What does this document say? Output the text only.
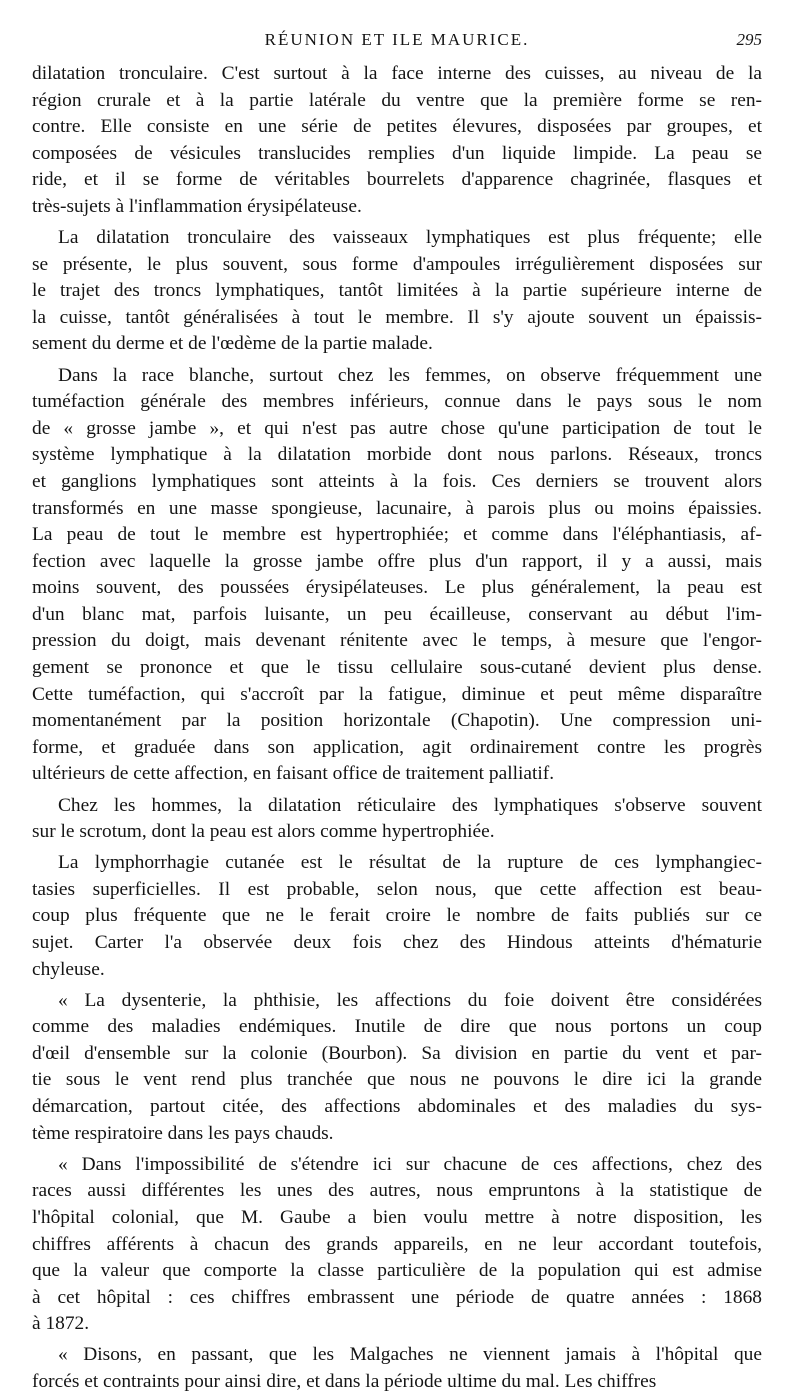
RÉUNION ET ILE MAURICE.	295
dilatation tronculaire. C'est surtout à la face interne des cuisses, au niveau de la
région crurale et à la partie latérale du ventre que la première forme se ren-
contre. Elle consiste en une série de petites élevures, disposées par groupes, et
composées de vésicules translucides remplies d'un liquide limpide. La peau se
ride, et il se forme de véritables bourrelets d'apparence chagrinée, flasques et
très-sujets à l'inflammation érysipélateuse.
La dilatation tronculaire des vaisseaux lymphatiques est plus fréquente; elle
se présente, le plus souvent, sous forme d'ampoules irrégulièrement disposées sur
le trajet des troncs lymphatiques, tantôt limitées à la partie supérieure interne de
la cuisse, tantôt généralisées à tout le membre. Il s'y ajoute souvent un épaissis-
sement du derme et de l'œdème de la partie malade.
Dans la race blanche, surtout chez les femmes, on observe fréquemment une
tuméfaction générale des membres inférieurs, connue dans le pays sous le nom
de « grosse jambe », et qui n'est pas autre chose qu'une participation de tout le
système lymphatique à la dilatation morbide dont nous parlons. Réseaux, troncs
et ganglions lymphatiques sont atteints à la fois. Ces derniers se trouvent alors
transformés en une masse spongieuse, lacunaire, à parois plus ou moins épaissies.
La peau de tout le membre est hypertrophiée; et comme dans l'éléphantiasis, af-
fection avec laquelle la grosse jambe offre plus d'un rapport, il y a aussi, mais
moins souvent, des poussées érysipélateuses. Le plus généralement, la peau est
d'un blanc mat, parfois luisante, un peu écailleuse, conservant au début l'im-
pression du doigt, mais devenant rénitente avec le temps, à mesure que l'engor-
gement se prononce et que le tissu cellulaire sous-cutané devient plus dense.
Cette tuméfaction, qui s'accroît par la fatigue, diminue et peut même disparaître
momentanément par la position horizontale (Chapotin). Une compression uni-
forme, et graduée dans son application, agit ordinairement contre les progrès
ultérieurs de cette affection, en faisant office de traitement palliatif.
Chez les hommes, la dilatation réticulaire des lymphatiques s'observe souvent
sur le scrotum, dont la peau est alors comme hypertrophiée.
La lymphorrhagie cutanée est le résultat de la rupture de ces lymphangiec-
tasies superficielles. Il est probable, selon nous, que cette affection est beau-
coup plus fréquente que ne le ferait croire le nombre de faits publiés sur ce
sujet. Carter l'a observée deux fois chez des Hindous atteints d'hématurie
chyleuse.
« La dysenterie, la phthisie, les affections du foie doivent être considérées
comme des maladies endémiques. Inutile de dire que nous portons un coup
d'œil d'ensemble sur la colonie (Bourbon). Sa division en partie du vent et par-
tie sous le vent rend plus tranchée que nous ne pouvons le dire ici la grande
démarcation, partout citée, des affections abdominales et des maladies du sys-
tème respiratoire dans les pays chauds.
« Dans l'impossibilité de s'étendre ici sur chacune de ces affections, chez des
races aussi différentes les unes des autres, nous empruntons à la statistique de
l'hôpital colonial, que M. Gaube a bien voulu mettre à notre disposition, les
chiffres afférents à chacun des grands appareils, en ne leur accordant toutefois,
que la valeur que comporte la classe particulière de la population qui est admise
à cet hôpital : ces chiffres embrassent une période de quatre années : 1868
à 1872.
« Disons, en passant, que les Malgaches ne viennent jamais à l'hôpital que
forcés et contraints pour ainsi dire, et dans la période ultime du mal. Les chiffres
